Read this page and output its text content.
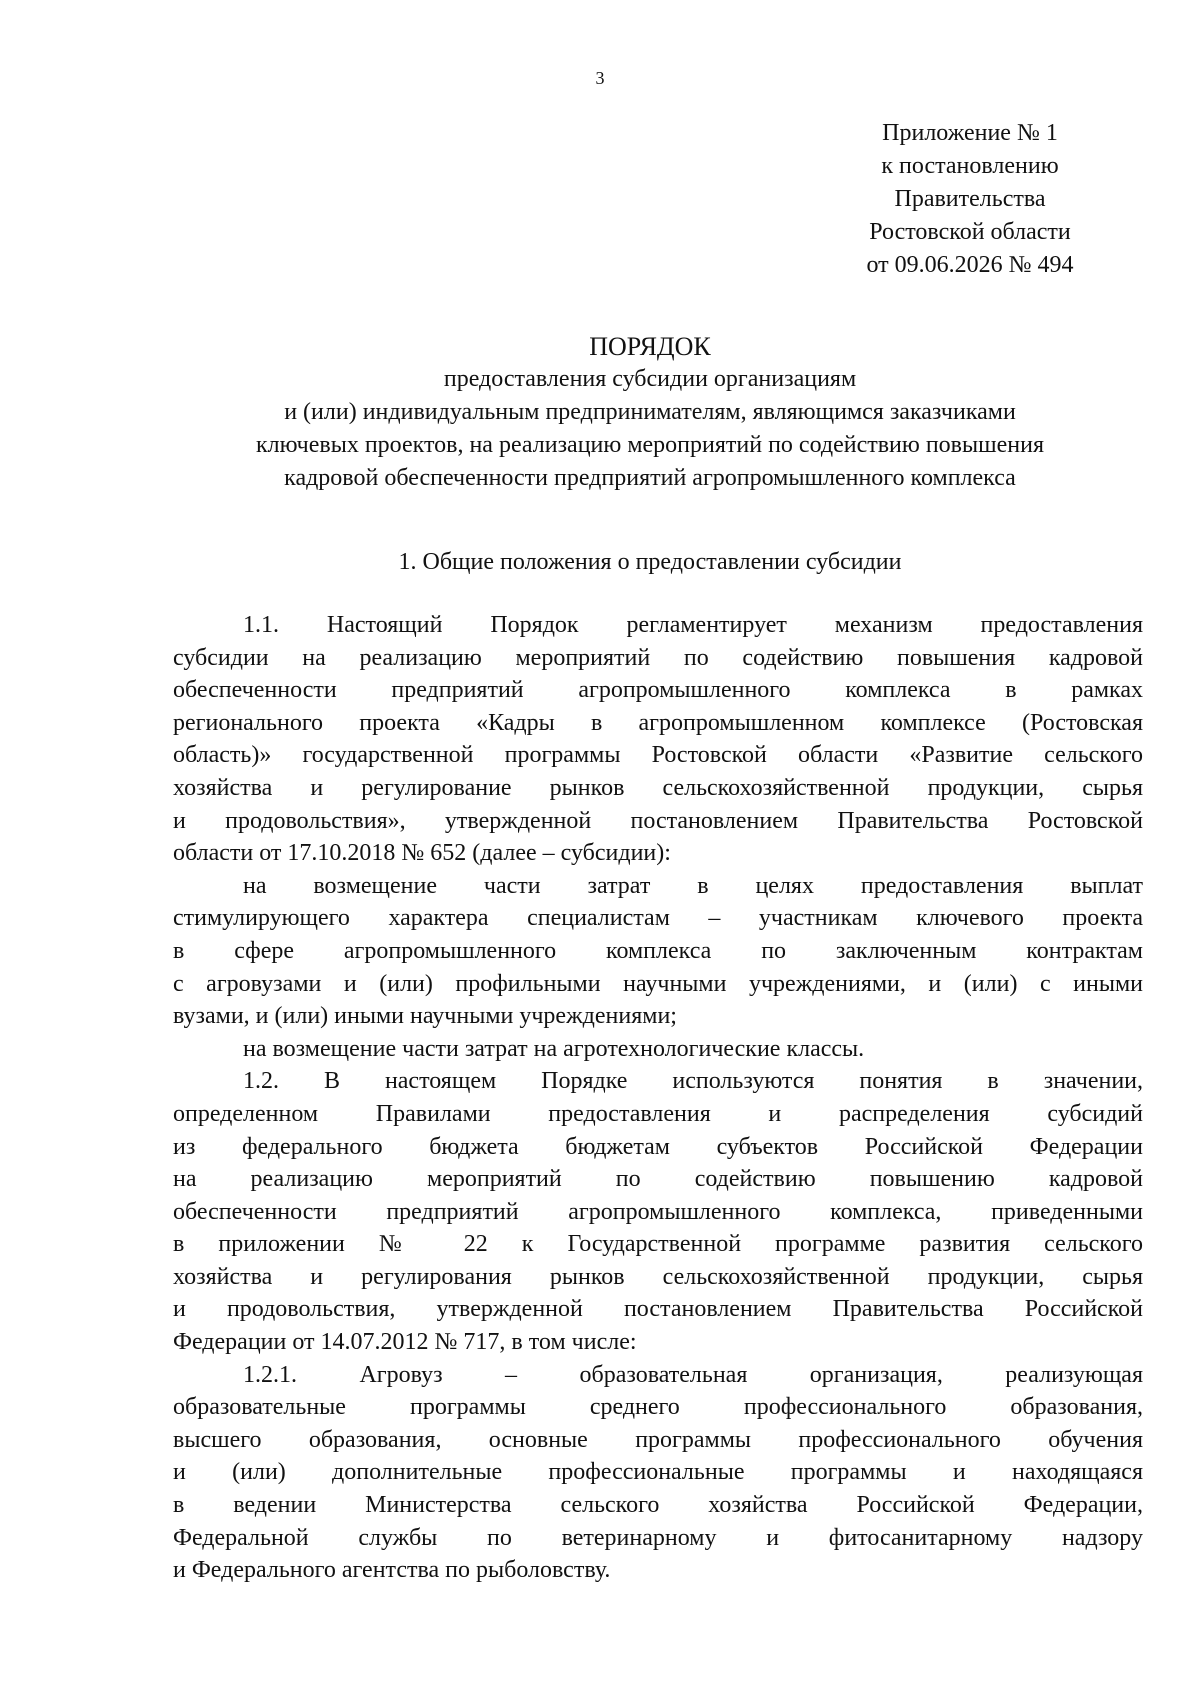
3
Приложение № 1
к постановлению
Правительства
Ростовской области
от 09.06.2026 № 494
ПОРЯДОК
предоставления субсидии организациям
и (или) индивидуальным предпринимателям, являющимся заказчиками
ключевых проектов, на реализацию мероприятий по содействию повышения
кадровой обеспеченности предприятий агропромышленного комплекса
1. Общие положения о предоставлении субсидии
1.1. Настоящий Порядок регламентирует механизм предоставления
субсидии на реализацию мероприятий по содействию повышения кадровой
обеспеченности предприятий агропромышленного комплекса в рамках
регионального проекта «Кадры в агропромышленном комплексе (Ростовская
область)» государственной программы Ростовской области «Развитие сельского
хозяйства и регулирование рынков сельскохозяйственной продукции, сырья
и продовольствия», утвержденной постановлением Правительства Ростовской
области от 17.10.2018 № 652 (далее – субсидии):
на возмещение части затрат в целях предоставления выплат
стимулирующего характера специалистам – участникам ключевого проекта
в сфере агропромышленного комплекса по заключенным контрактам
с агровузами и (или) профильными научными учреждениями, и (или) с иными
вузами, и (или) иными научными учреждениями;
на возмещение части затрат на агротехнологические классы.
1.2. В настоящем Порядке используются понятия в значении,
определенном Правилами предоставления и распределения субсидий
из федерального бюджета бюджетам субъектов Российской Федерации
на реализацию мероприятий по содействию повышению кадровой
обеспеченности предприятий агропромышленного комплекса, приведенными
в приложении № 22 к Государственной программе развития сельского
хозяйства и регулирования рынков сельскохозяйственной продукции, сырья
и продовольствия, утвержденной постановлением Правительства Российской
Федерации от 14.07.2012 № 717, в том числе:
1.2.1. Агровуз – образовательная организация, реализующая
образовательные программы среднего профессионального образования,
высшего образования, основные программы профессионального обучения
и (или) дополнительные профессиональные программы и находящаяся
в ведении Министерства сельского хозяйства Российской Федерации,
Федеральной службы по ветеринарному и фитосанитарному надзору
и Федерального агентства по рыболовству.
